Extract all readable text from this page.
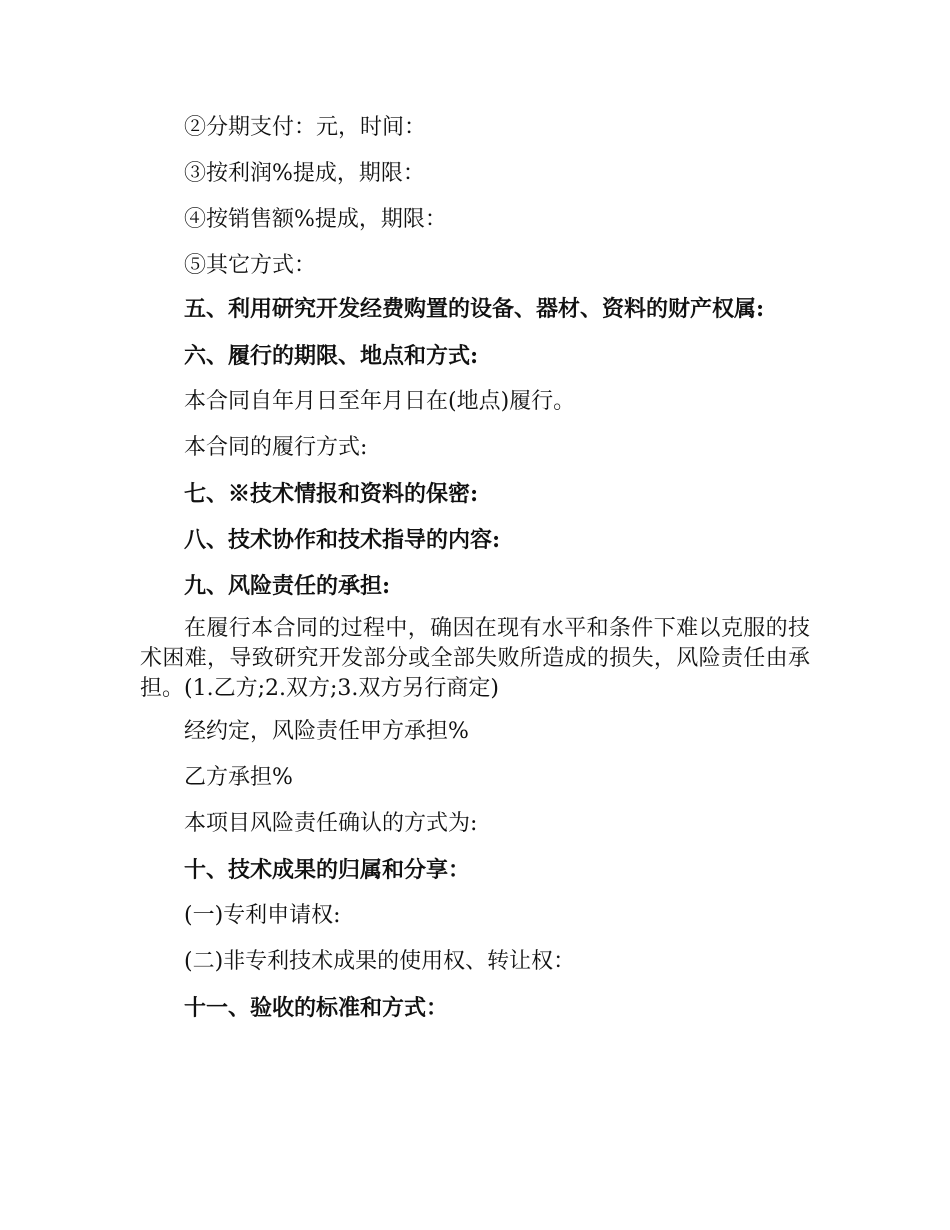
②分期支付：元，时间：
③按利润%提成，期限：
④按销售额%提成，期限：
⑤其它方式：
五、利用研究开发经费购置的设备、器材、资料的财产权属:
六、履行的期限、地点和方式:
本合同自年月日至年月日在(地点)履行。
本合同的履行方式:
七、※技术情报和资料的保密:
八、技术协作和技术指导的内容:
九、风险责任的承担:
在履行本合同的过程中，确因在现有水平和条件下难以克服的技术困难，导致研究开发部分或全部失败所造成的损失，风险责任由承担。(1.乙方;2.双方;3.双方另行商定)
经约定，风险责任甲方承担%
乙方承担%
本项目风险责任确认的方式为:
十、技术成果的归属和分享：
(一)专利申请权:
(二)非专利技术成果的使用权、转让权：
十一、验收的标准和方式：
